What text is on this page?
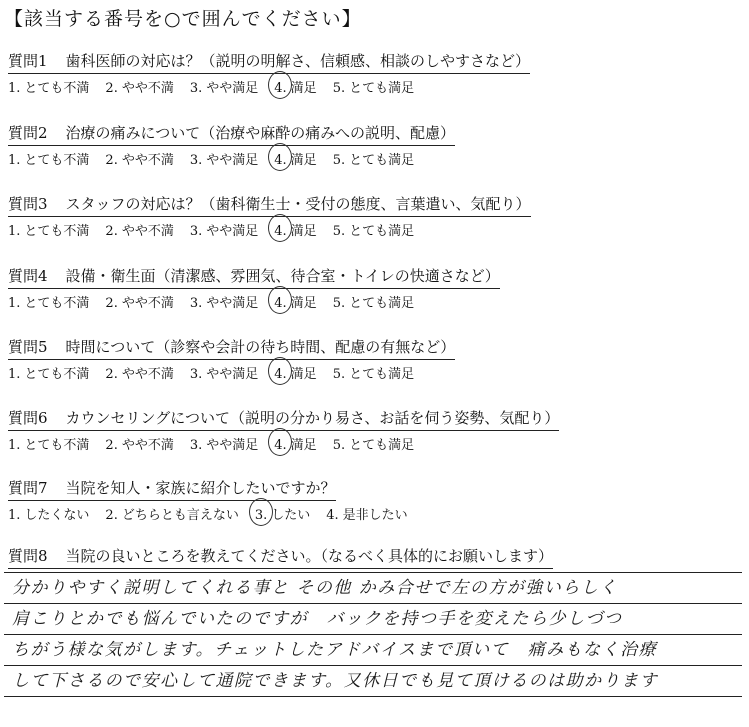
【該当する番号を○で囲んでください】
質問1 歯科医師の対応は？（説明の明解さ、信頼感、相談のしやすさなど）
1. とても不満 2. やや不満 3. やや満足 4. 満足 5. とても満足
質問2 治療の痛みについて（治療や麻酔の痛みへの説明、配慮）
1. とても不満 2. やや不満 3. やや満足 4. 満足 5. とても満足
質問3 スタッフの対応は？（歯科衛生士・受付の態度、言葉遣い、気配り）
1. とても不満 2. やや不満 3. やや満足 4. 満足 5. とても満足
質問4 設備・衛生面（清潔感、雰囲気、待合室・トイレの快適さなど）
1. とても不満 2. やや不満 3. やや満足 4. 満足 5. とても満足
質問5 時間について（診察や会計の待ち時間、配慮の有無など）
1. とても不満 2. やや不満 3. やや満足 4. 満足 5. とても満足
質問6 カウンセリングについて（説明の分かり易さ、お話を伺う姿勢、気配り）
1. とても不満 2. やや不満 3. やや満足 4. 満足 5. とても満足
質問7 当院を知人・家族に紹介したいですか？
1. したくない 2. どちらとも言えない 3. したい 4. 是非したい
質問8 当院の良いところを教えてください。（なるべく具体的にお願いします）
分かりやすく説明してくれる事と その他 かみ合せで左の方が強いらしく
肩こりとかでも悩んでいたのですが　バックを持つ手を変えたら少しづつ
ちがう様な気がします。チェットしたアドバイスまで頂いて　痛みもなく治療
して下さるので安心して通院できます。又休日でも見て頂けるのは助かります
